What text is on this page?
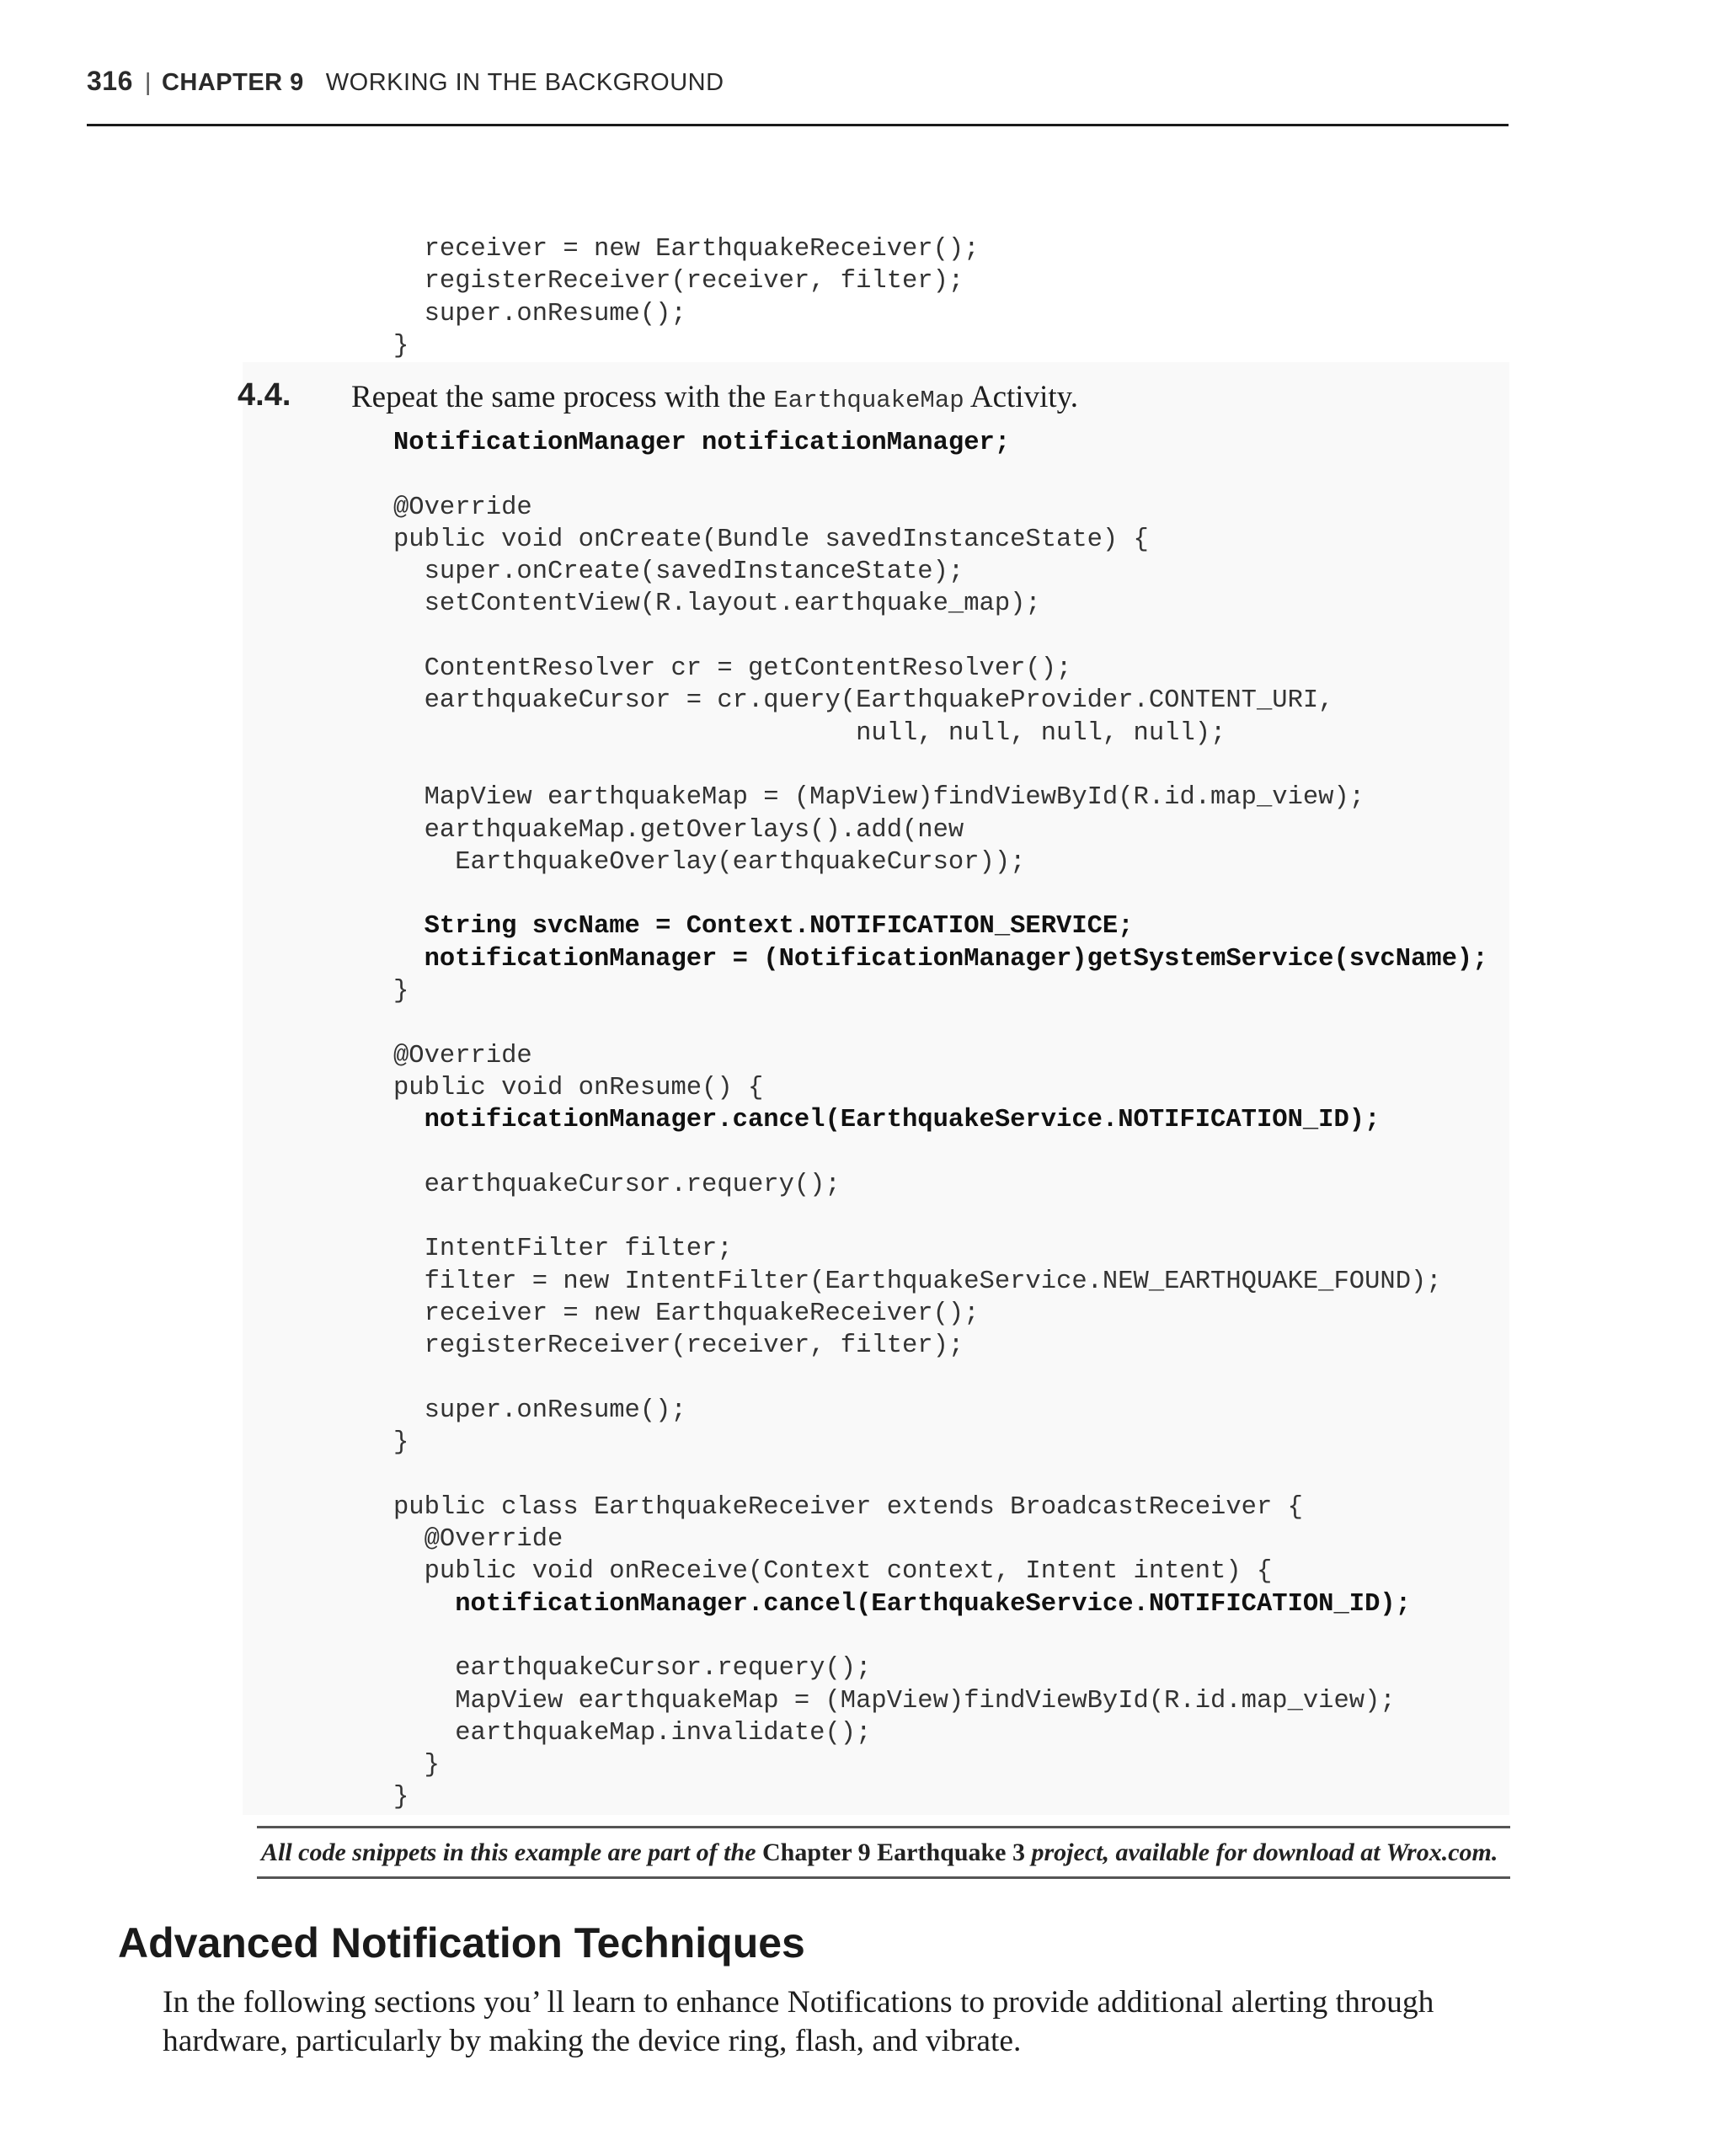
316 | CHAPTER 9 WORKING IN THE BACKGROUND
receiver = new EarthquakeReceiver();
registerReceiver(receiver, filter);
super.onResume();
}
4.4. Repeat the same process with the EarthquakeMap Activity.
NotificationManager notificationManager;

@Override
public void onCreate(Bundle savedInstanceState) {
super.onCreate(savedInstanceState);
setContentView(R.layout.earthquake_map);

ContentResolver cr = getContentResolver();
earthquakeCursor = cr.query(EarthquakeProvider.CONTENT_URI,
null, null, null, null);

MapView earthquakeMap = (MapView)findViewById(R.id.map_view);
earthquakeMap.getOverlays().add(new
EarthquakeOverlay(earthquakeCursor));

String svcName = Context.NOTIFICATION_SERVICE;
notificationManager = (NotificationManager)getSystemService(svcName);
}

@Override
public void onResume() {
notificationManager.cancel(EarthquakeService.NOTIFICATION_ID);

earthquakeCursor.requery();

IntentFilter filter;
filter = new IntentFilter(EarthquakeService.NEW_EARTHQUAKE_FOUND);
receiver = new EarthquakeReceiver();
registerReceiver(receiver, filter);

super.onResume();
}

public class EarthquakeReceiver extends BroadcastReceiver {
@Override
public void onReceive(Context context, Intent intent) {
notificationManager.cancel(EarthquakeService.NOTIFICATION_ID);

earthquakeCursor.requery();
MapView earthquakeMap = (MapView)findViewById(R.id.map_view);
earthquakeMap.invalidate();
}
}
All code snippets in this example are part of the Chapter 9 Earthquake 3 project, available for download at Wrox.com.
Advanced Notification Techniques

In the following sections you’ ll learn to enhance Notifications to provide additional alerting through hardware, particularly by making the device ring, flash, and vibrate.
